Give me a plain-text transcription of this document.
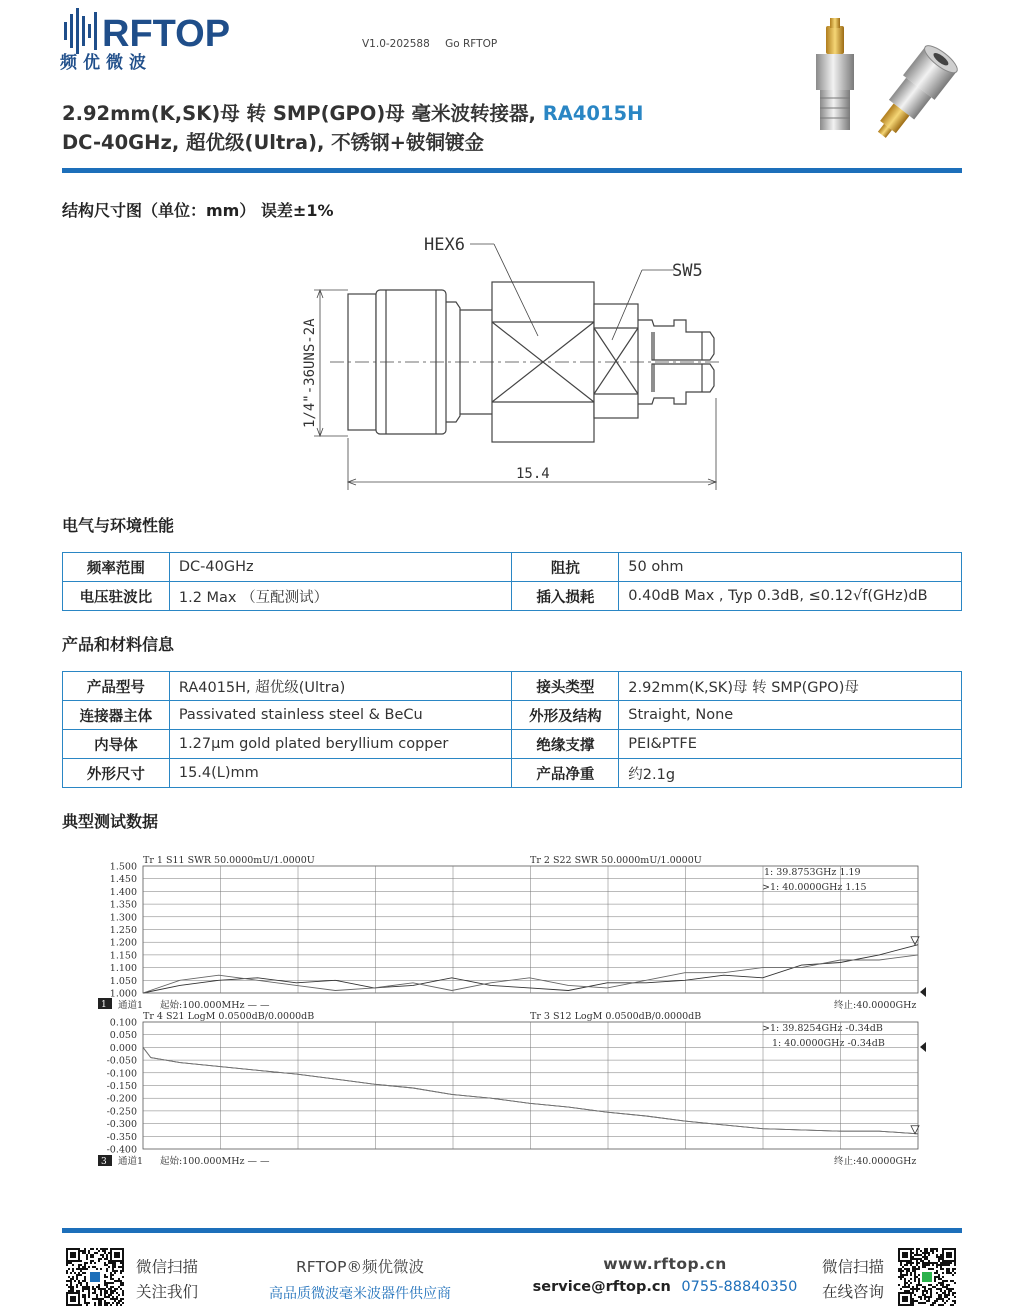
RFTOP
频优微波
V1.0-202588 Go RFTOP
2.92mm(K,SK)母 转 SMP(GPO)母 毫米波转接器, RA4015H
DC-40GHz, 超优级(Ultra), 不锈钢+铍铜镀金
结构尺寸图（单位：mm） 误差±1%
HEX6
SW5
15.4
1/4"-36UNS-2A
电气与环境性能
频率范围	DC-40GHz	阻抗	50 ohm
电压驻波比	1.2 Max （互配测试）	插入损耗	0.40dB Max , Typ 0.3dB, ≤0.12√f(GHz)dB
产品和材料信息
产品型号	RA4015H, 超优级(Ultra)	接头类型	2.92mm(K,SK)母 转 SMP(GPO)母
连接器主体	Passivated stainless steel & BeCu	外形及结构	Straight, None
内导体	1.27μm gold plated beryllium copper	绝缘支撑	PEI&PTFE
外形尺寸	15.4(L)mm	产品净重	约2.1g
典型测试数据
Tr 1 S11 SWR 50.0000mU/1.0000U	Tr 2 S22 SWR 50.0000mU/1.0000U
1: 39.8753GHz 1.19
>1: 40.0000GHz 1.15
1 通道1 起始:100.000MHz — —	终止:40.0000GHz
Tr 4 S21 LogM 0.0500dB/0.0000dB	Tr 3 S12 LogM 0.0500dB/0.0000dB
>1: 39.8254GHz -0.34dB
1: 40.0000GHz -0.34dB
3 通道1 起始:100.000MHz — —	终止:40.0000GHz
1.500
1.450
1.400
1.350
1.300
1.250
1.200
1.150
1.100
1.050
1.000
0.100
0.050
0.000
-0.050
-0.100
-0.150
-0.200
-0.250
-0.300
-0.350
-0.400
微信扫描
关注我们
RFTOP®频优微波
高品质微波毫米波器件供应商
www.rftop.cn
service@rftop.cn 0755-88840350
微信扫描
在线咨询
